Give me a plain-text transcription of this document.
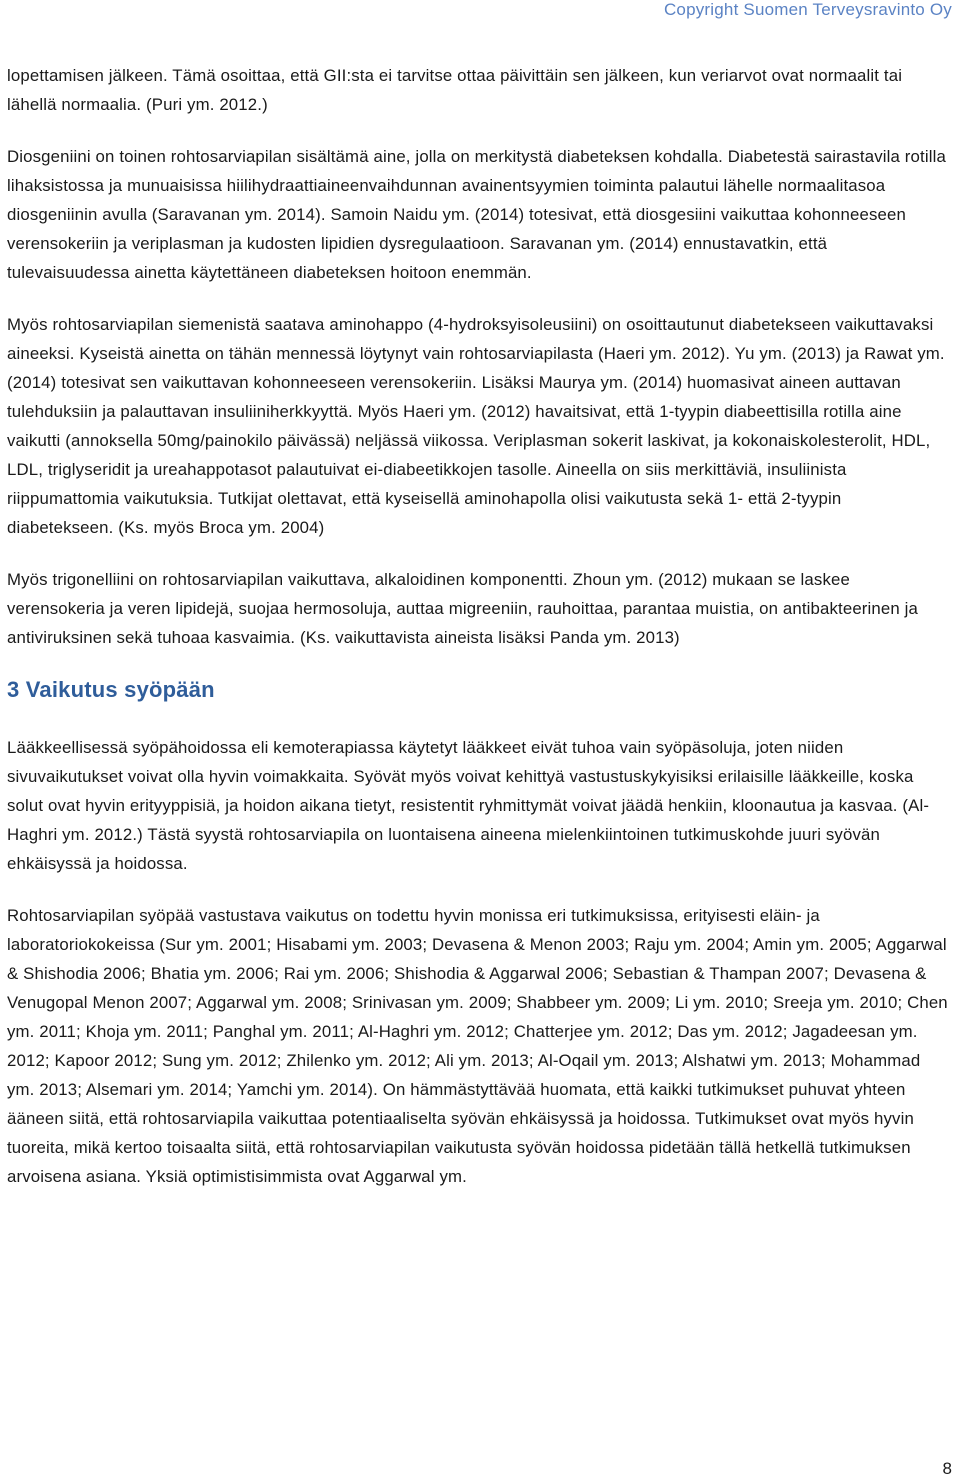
Copyright Suomen Terveysravinto Oy

lopettamisen jälkeen. Tämä osoittaa, että GII:sta ei tarvitse ottaa päivittäin sen jälkeen, kun veriarvot ovat normaalit tai lähellä normaalia. (Puri ym. 2012.)

Diosgeniini on toinen rohtosarviapilan sisältämä aine, jolla on merkitystä diabeteksen kohdalla. Diabetestä sairastavila rotilla lihaksistossa ja munuaisissa hiilihydraattiaineenvaihdunnan avainentsyymien toiminta palautui lähelle normaalitasoa diosgeniinin avulla (Saravanan ym. 2014). Samoin Naidu ym. (2014) totesivat, että diosgesiini vaikuttaa kohonneeseen verensokeriin ja veriplasman ja kudosten lipidien dysregulaatioon. Saravanan ym. (2014) ennustavatkin, että tulevaisuudessa ainetta käytettäneen diabeteksen hoitoon enemmän.

Myös rohtosarviapilan siemenistä saatava aminohappo (4-hydroksyisoleusiini) on osoittautunut diabetekseen vaikuttavaksi aineeksi. Kyseistä ainetta on tähän mennessä löytynyt vain rohtosarviapilasta (Haeri ym. 2012). Yu ym. (2013) ja Rawat ym. (2014) totesivat sen vaikuttavan kohonneeseen verensokeriin. Lisäksi Maurya ym. (2014) huomasivat aineen auttavan tulehduksiin ja palauttavan insuliiniherkkyyttä. Myös Haeri ym. (2012) havaitsivat, että 1-tyypin diabeettisilla rotilla aine vaikutti (annoksella 50mg/painokilo päivässä) neljässä viikossa. Veriplasman sokerit laskivat, ja kokonaiskolesterolit, HDL, LDL, triglyseridit ja ureahappotasot palautuivat ei-diabeetikkojen tasolle. Aineella on siis merkittäviä, insuliinista riippumattomia vaikutuksia. Tutkijat olettavat, että kyseisellä aminohapolla olisi vaikutusta sekä 1- että 2-tyypin diabetekseen. (Ks. myös Broca ym. 2004)

Myös trigonelliini on rohtosarviapilan vaikuttava, alkaloidinen komponentti. Zhoun ym. (2012) mukaan se laskee verensokeria ja veren lipidejä, suojaa hermosoluja, auttaa migreeniin, rauhoittaa, parantaa muistia, on antibakteerinen ja antiviruksinen sekä tuhoaa kasvaimia. (Ks. vaikuttavista aineista lisäksi Panda ym. 2013)

3 Vaikutus syöpään

Lääkkeellisessä syöpähoidossa eli kemoterapiassa käytetyt lääkkeet eivät tuhoa vain syöpäsoluja, joten niiden sivuvaikutukset voivat olla hyvin voimakkaita. Syövät myös voivat kehittyä vastustuskykyisiksi erilaisille lääkkeille, koska solut ovat hyvin erityyppisiä, ja hoidon aikana tietyt, resistentit ryhmittymät voivat jäädä henkiin, kloonautua ja kasvaa. (Al-Haghri ym. 2012.) Tästä syystä rohtosarviapila on luontaisena aineena mielenkiintoinen tutkimuskohde juuri syövän ehkäisyssä ja hoidossa.

Rohtosarviapilan syöpää vastustava vaikutus on todettu hyvin monissa eri tutkimuksissa, erityisesti eläin- ja laboratoriokokeissa (Sur ym. 2001; Hisabami ym. 2003; Devasena & Menon 2003; Raju ym. 2004; Amin ym. 2005; Aggarwal & Shishodia 2006; Bhatia ym. 2006; Rai ym. 2006; Shishodia & Aggarwal 2006; Sebastian & Thampan 2007; Devasena & Venugopal Menon 2007; Aggarwal ym. 2008; Srinivasan ym. 2009; Shabbeer ym. 2009; Li ym. 2010; Sreeja ym. 2010; Chen ym. 2011; Khoja ym. 2011; Panghal ym. 2011; Al-Haghri ym. 2012; Chatterjee ym. 2012; Das ym. 2012; Jagadeesan ym. 2012; Kapoor 2012; Sung ym. 2012; Zhilenko ym. 2012; Ali ym. 2013; Al-Oqail ym. 2013; Alshatwi ym. 2013; Mohammad ym. 2013; Alsemari ym. 2014; Yamchi ym. 2014). On hämmästyttävää huomata, että kaikki tutkimukset puhuvat yhteen ääneen siitä, että rohtosarviapila vaikuttaa potentiaaliselta syövän ehkäisyssä ja hoidossa. Tutkimukset ovat myös hyvin tuoreita, mikä kertoo toisaalta siitä, että rohtosarviapilan vaikutusta syövän hoidossa pidetään tällä hetkellä tutkimuksen arvoisena asiana. Yksiä optimistisimmista ovat Aggarwal ym.

8
